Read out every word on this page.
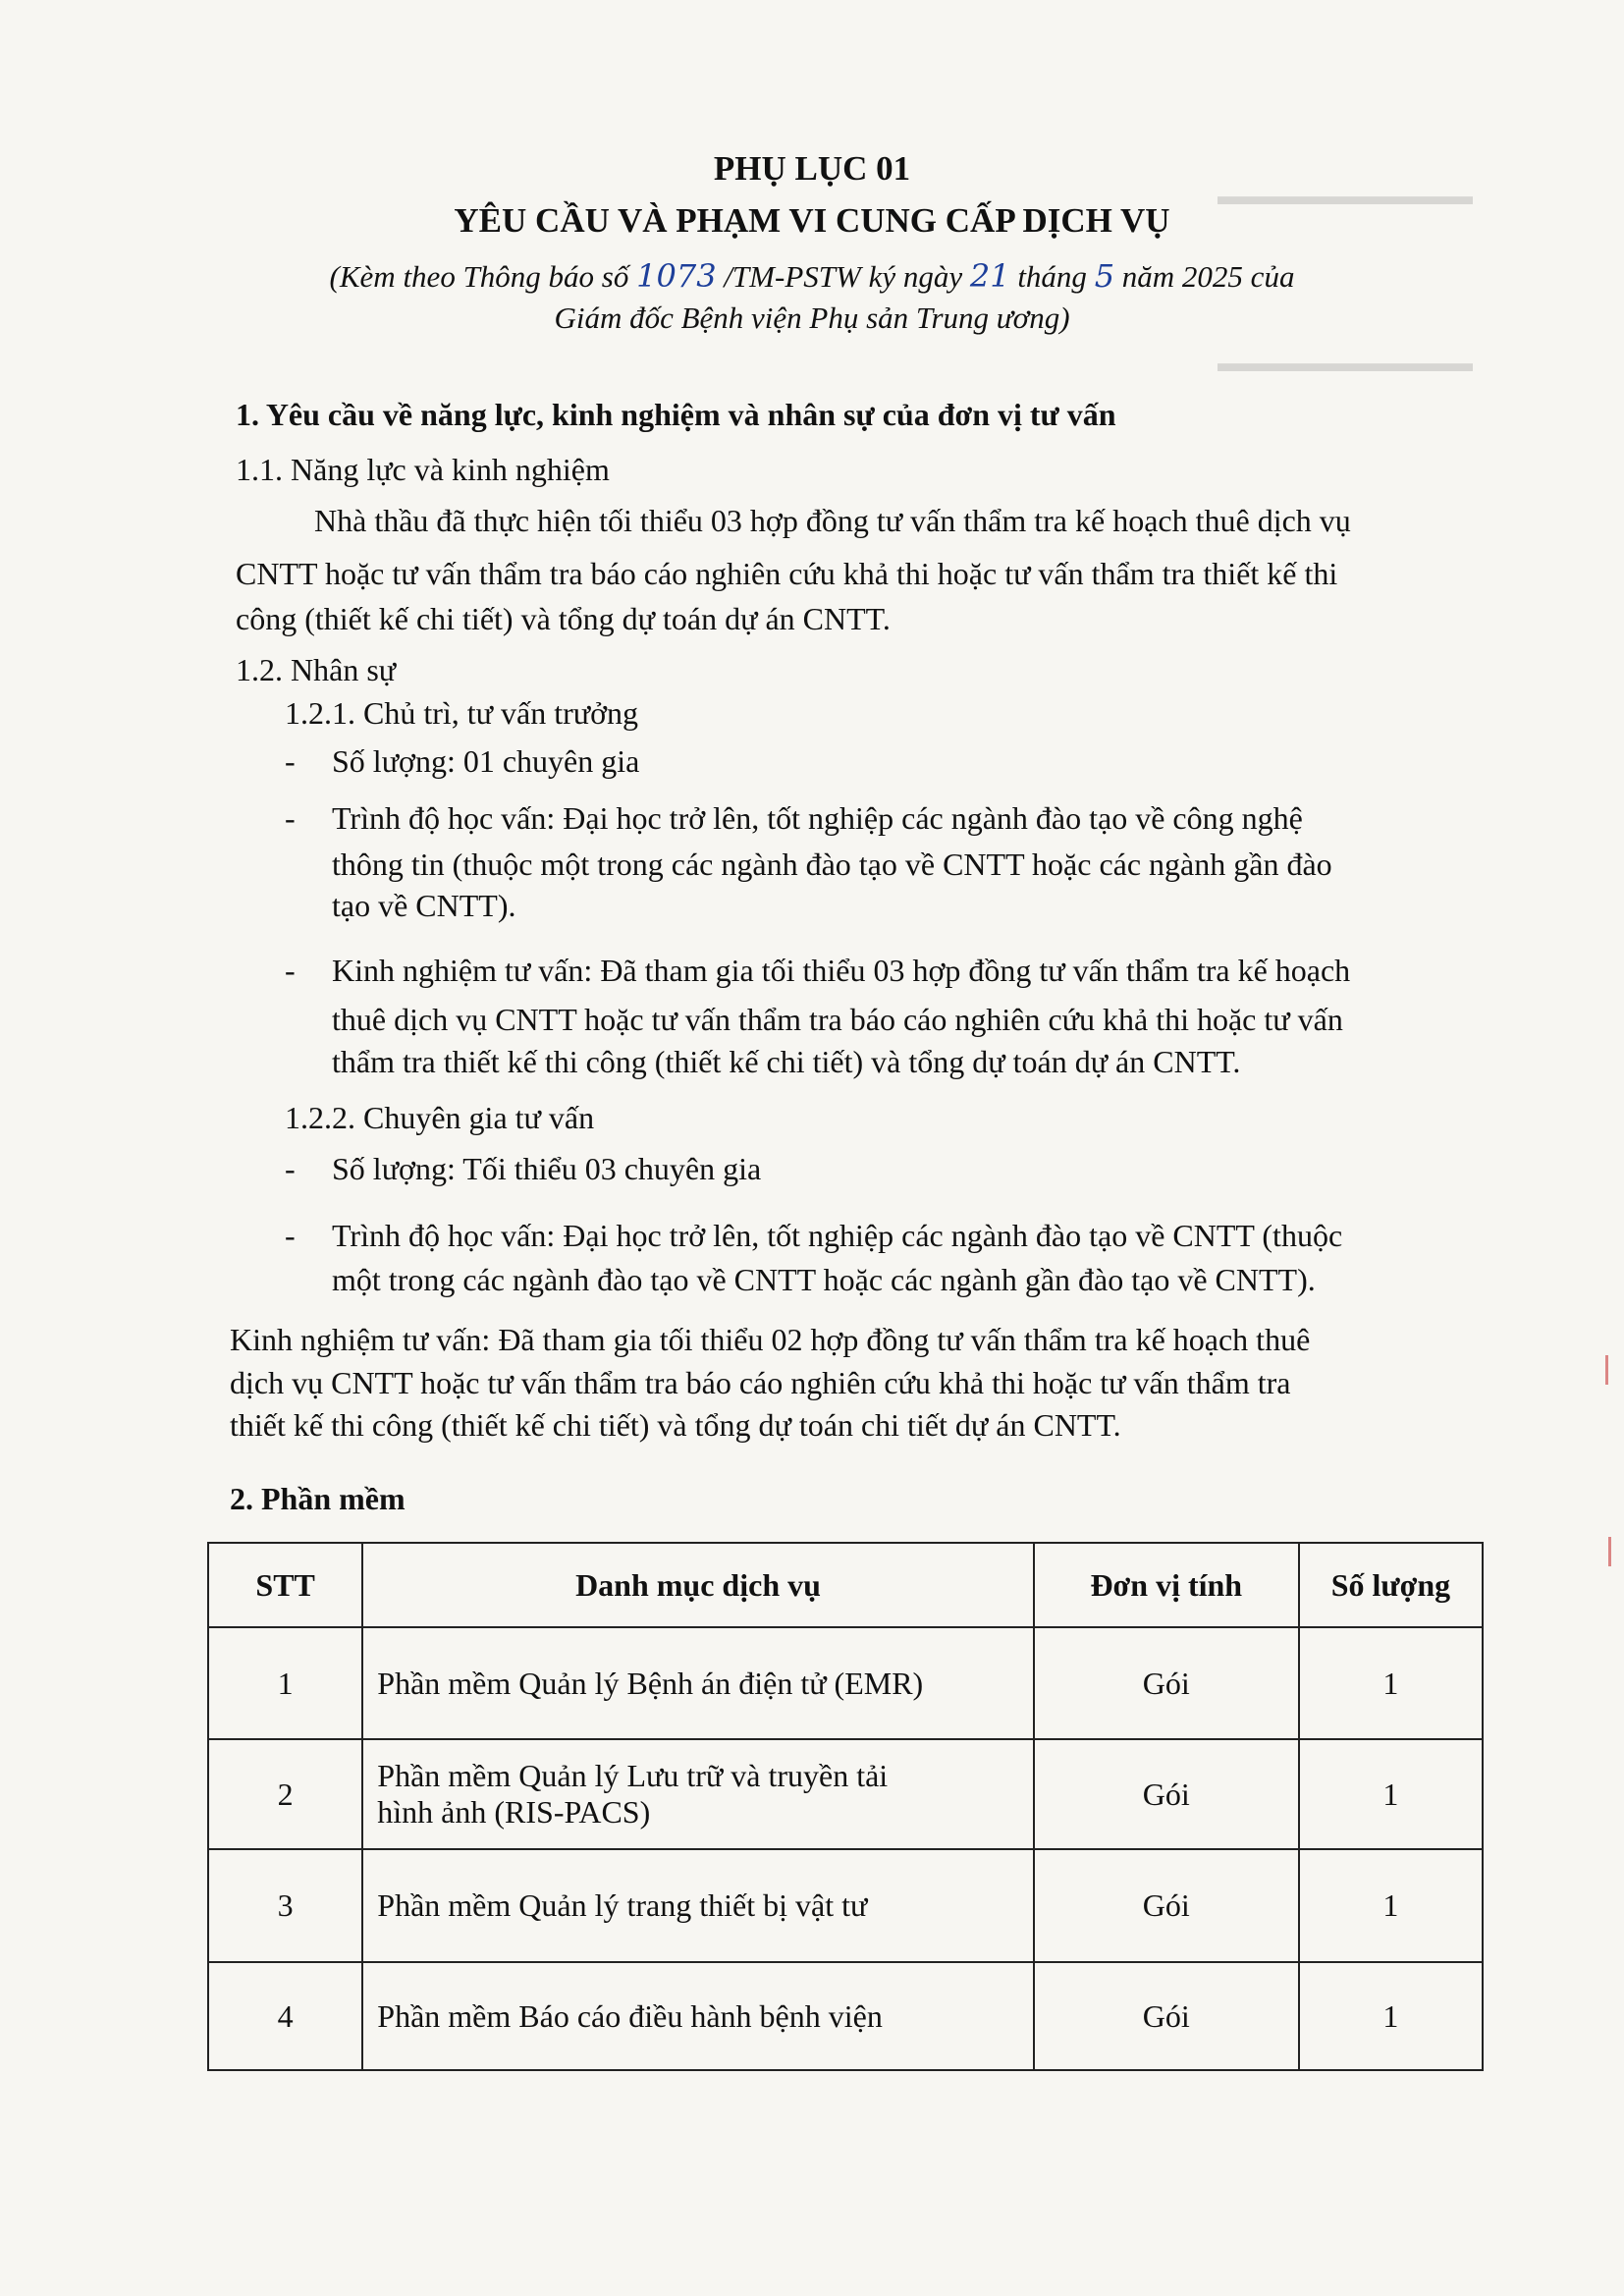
▬▬▬▬▬▬▬▬▬▬
▬▬▬▬▬▬▬▬▬▬
PHỤ LỤC 01
YÊU CẦU VÀ PHẠM VI CUNG CẤP DỊCH VỤ
(Kèm theo Thông báo số 1073 /TM-PSTW ký ngày 21 tháng 5 năm 2025 của
Giám đốc Bệnh viện Phụ sản Trung ương)
1. Yêu cầu về năng lực, kinh nghiệm và nhân sự của đơn vị tư vấn
1.1. Năng lực và kinh nghiệm
Nhà thầu đã thực hiện tối thiểu 03 hợp đồng tư vấn thẩm tra kế hoạch thuê dịch vụ
CNTT hoặc tư vấn thẩm tra báo cáo nghiên cứu khả thi hoặc tư vấn thẩm tra thiết kế thi
công (thiết kế chi tiết) và tổng dự toán dự án CNTT.
1.2. Nhân sự
1.2.1. Chủ trì, tư vấn trưởng
- Số lượng: 01 chuyên gia
- Trình độ học vấn: Đại học trở lên, tốt nghiệp các ngành đào tạo về công nghệ
thông tin (thuộc một trong các ngành đào tạo về CNTT hoặc các ngành gần đào
tạo về CNTT).
- Kinh nghiệm tư vấn: Đã tham gia tối thiểu 03 hợp đồng tư vấn thẩm tra kế hoạch
thuê dịch vụ CNTT hoặc tư vấn thẩm tra báo cáo nghiên cứu khả thi hoặc tư vấn
thẩm tra thiết kế thi công (thiết kế chi tiết) và tổng dự toán dự án CNTT.
1.2.2. Chuyên gia tư vấn
- Số lượng: Tối thiểu 03 chuyên gia
- Trình độ học vấn: Đại học trở lên, tốt nghiệp các ngành đào tạo về CNTT (thuộc
một trong các ngành đào tạo về CNTT hoặc các ngành gần đào tạo về CNTT).
Kinh nghiệm tư vấn: Đã tham gia tối thiểu 02 hợp đồng tư vấn thẩm tra kế hoạch thuê
dịch vụ CNTT hoặc tư vấn thẩm tra báo cáo nghiên cứu khả thi hoặc tư vấn thẩm tra
thiết kế thi công (thiết kế chi tiết) và tổng dự toán chi tiết dự án CNTT.
2. Phần mềm
STT	Danh mục dịch vụ	Đơn vị tính	Số lượng
1	Phần mềm Quản lý Bệnh án điện tử (EMR)	Gói	1
2	Phần mềm Quản lý Lưu trữ và truyền tải
hình ảnh (RIS-PACS)	Gói	1
3	Phần mềm Quản lý trang thiết bị vật tư	Gói	1
4	Phần mềm Báo cáo điều hành bệnh viện	Gói	1
